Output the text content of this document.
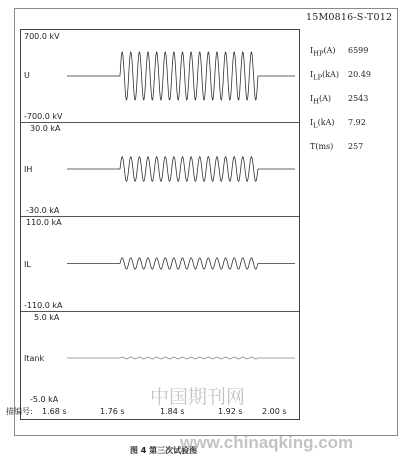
15M0816-S-T012
700.0 kV
U
-700.0 kV
30.0 kA
IH
-30.0 kA
110.0 kA
IL
-110.0 kA
5.0 kA
Itank
-5.0 kA
描编号: 1.68 s	1.76 s	1.84 s	1.92 s 2.00 s
$I_{HP}(A)$ 6599
$I_{LP}(kA)$ 20.49
$I_H(A)$ 2543
$I_L(kA)$ 7.92
T(ms) 257
图 4 第三次试验图
中国期刊网
www.chinaqking.com
